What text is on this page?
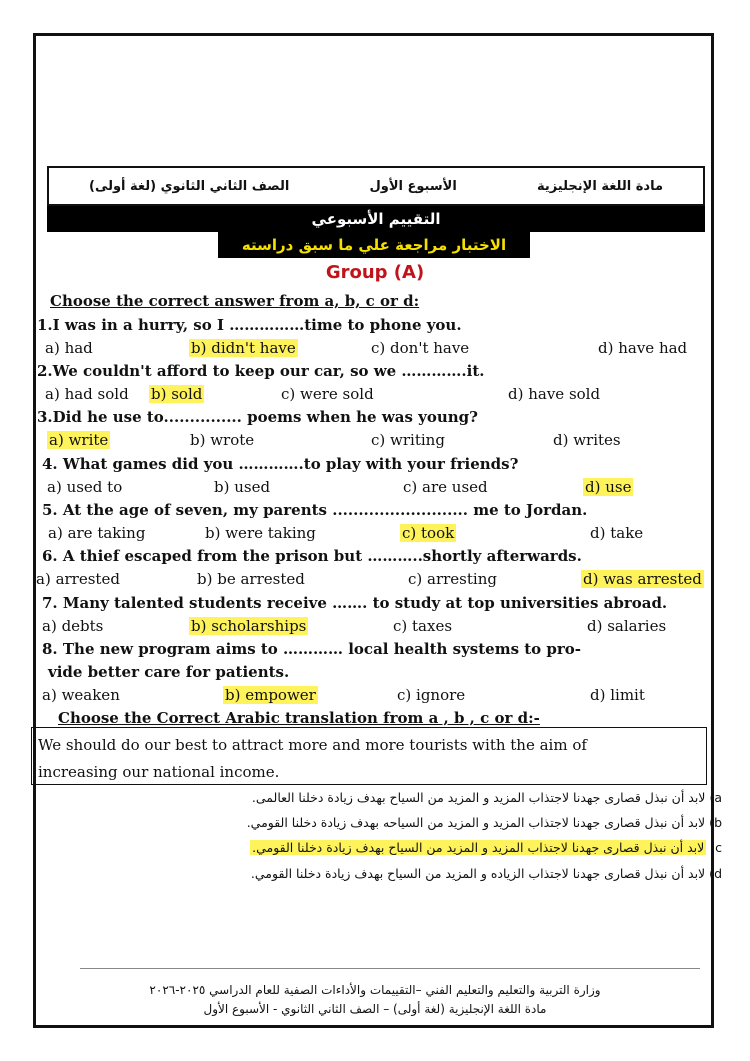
مادة اللغة الإنجليزية
الأسبوع الأول
الصف الثاني الثانوي (لغة أولى)
التقييم الأسبوعي
الاختبار مراجعة علي ما سبق دراسته
Group (A)
Choose the correct answer from a, b, c or d:
1.I was in a hurry, so I ……………time to phone you.
a) had	b) didn't have	c) don't have	d) have had
2.We couldn't afford to keep our car, so we ………….it.
a) had sold b) sold	c) were sold	d) have sold
3.Did he use to............... poems when he was young?
a) write	b) wrote	c) writing	d) writes
4. What games did you ………….to play with your friends?
a) used to	b) used	c) are used	d) use
5. At the age of seven, my parents .......................... me to Jordan.
a) are taking	b) were taking	c) took	d) take
6. A thief escaped from the prison but ………..shortly afterwards.
a) arrested	b) be arrested	c) arresting	d) was arrested
7. Many talented students receive ……. to study at top universities abroad.
a) debts	b) scholarships	c) taxes	d) salaries
8. The new program aims to ………… local health systems to pro-
vide better care for patients.
a) weaken	b) empower	c) ignore	d) limit
Choose the Correct Arabic translation from a , b , c or d:-
We should do our best to attract more and more tourists with the aim of
increasing our national income.
a) لابد أن نبذل قصارى جهدنا لاجتذاب المزيد و المزيد من السياح بهدف زيادة دخلنا العالمى.
b) لابد أن نبذل قصارى جهدنا لاجتذاب المزيد و المزيد من السياحه بهدف زيادة دخلنا القومي.
c) لابد أن نبذل قصارى جهدنا لاجتذاب المزيد و المزيد من السياح بهدف زيادة دخلنا القومي.
d) لابد أن نبذل قصارى جهدنا لاجتذاب الزياده و المزيد من السياح بهدف زيادة دخلنا القومي.
وزارة التربية والتعليم والتعليم الفني –التقييمات والأداءات الصفية للعام الدراسي ٢٠٢٥-٢٠٢٦
مادة اللغة الإنجليزية (لغة أولى) – الصف الثاني الثانوي - الأسبوع الأول
